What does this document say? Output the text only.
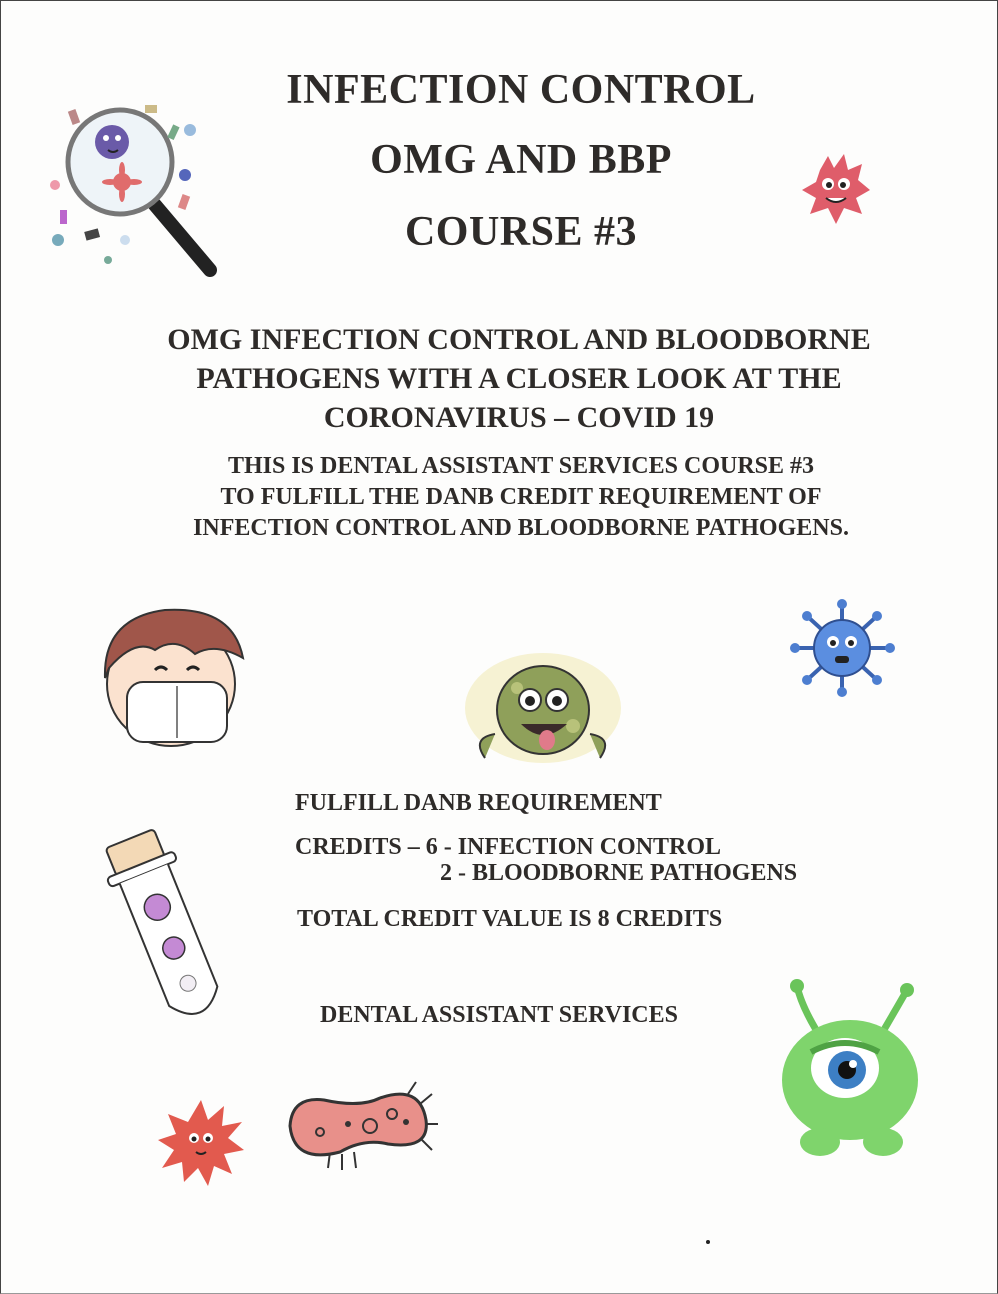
INFECTION CONTROL
OMG AND BBP
COURSE #3
OMG INFECTION CONTROL AND BLOODBORNE
PATHOGENS WITH A CLOSER LOOK AT THE
CORONAVIRUS – COVID 19
THIS IS DENTAL ASSISTANT SERVICES COURSE #3
TO FULFILL THE DANB CREDIT REQUIREMENT OF
INFECTION CONTROL AND BLOODBORNE PATHOGENS.
FULFILL DANB REQUIREMENT
CREDITS – 6 - INFECTION CONTROL
2 - BLOODBORNE PATHOGENS
TOTAL CREDIT VALUE IS 8 CREDITS
DENTAL ASSISTANT SERVICES
